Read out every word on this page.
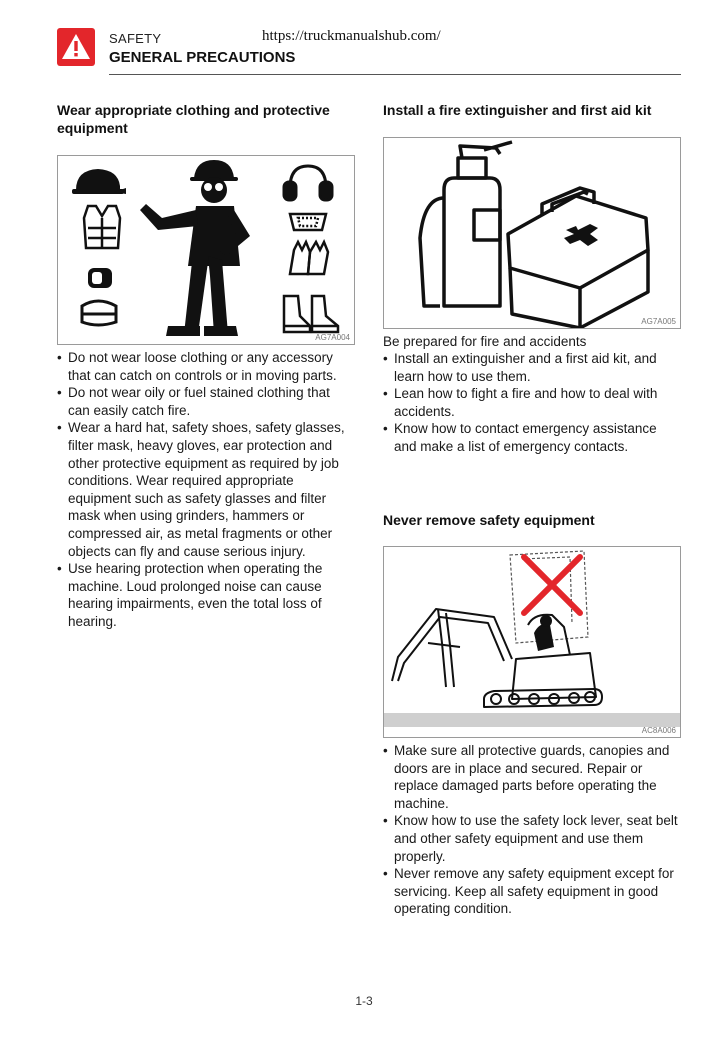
SAFETY	https://truckmanualshub.com/
GENERAL PRECAUTIONS
Wear appropriate clothing and protective equipment
AG7A004
• Do not wear loose clothing or any accessory that can catch on controls or in moving parts.
• Do not wear oily or fuel stained clothing that can easily catch fire.
• Wear a hard hat, safety shoes, safety glasses, filter mask, heavy gloves, ear protection and other protective equipment as required by job conditions. Wear required appropriate equipment such as safety glasses and filter mask when using grinders, hammers or compressed air, as metal fragments or other objects can fly and cause serious injury.
• Use hearing protection when operating the machine. Loud prolonged noise can cause hearing impairments, even the total loss of hearing.
Install a fire extinguisher and first aid kit
AG7A005
Be prepared for fire and accidents
• Install an extinguisher and a first aid kit, and learn how to use them.
• Lean how to fight a fire and how to deal with accidents.
• Know how to contact emergency assistance and make a list of emergency contacts.
Never remove safety equipment
AC8A006
• Make sure all protective guards, canopies and doors are in place and secured. Repair or replace damaged parts before operating the machine.
• Know how to use the safety lock lever, seat belt and other safety equipment and use them properly.
• Never remove any safety equipment except for servicing. Keep all safety equipment in good operating condition.
1-3
